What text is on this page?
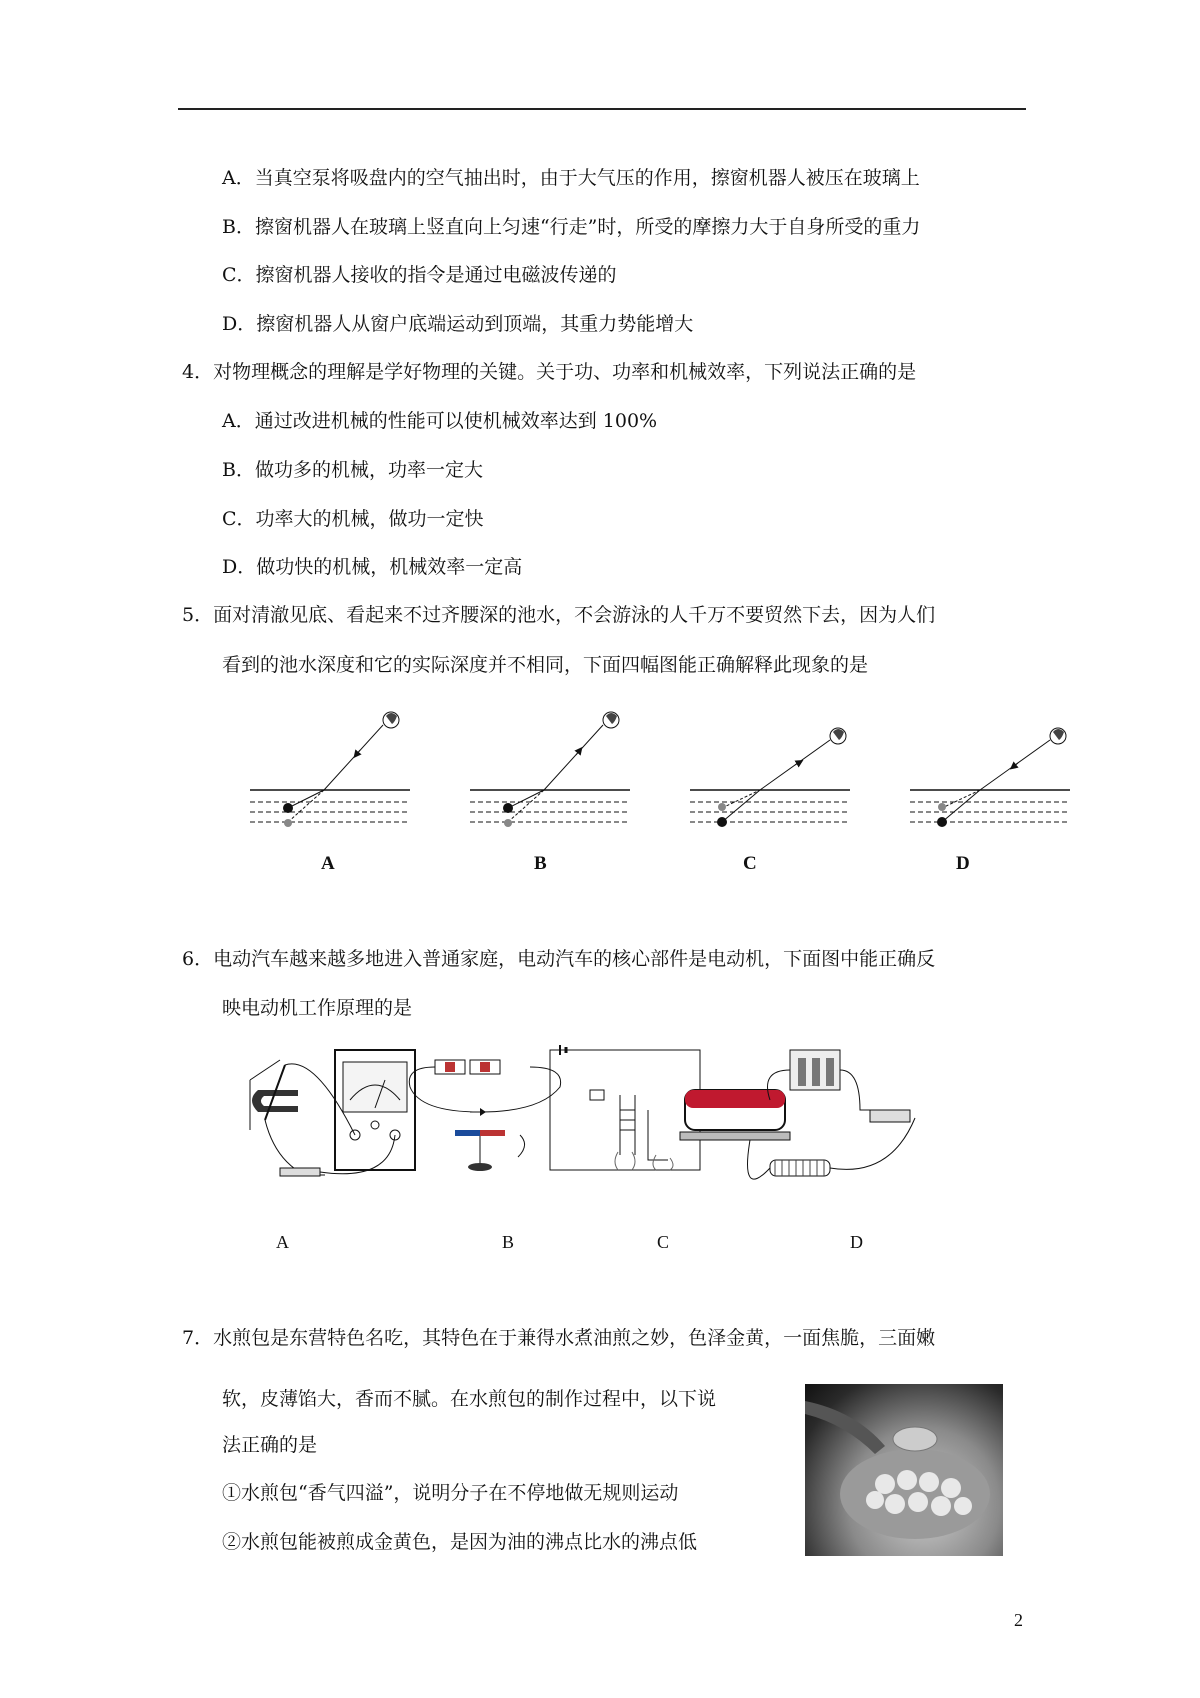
A．当真空泵将吸盘内的空气抽出时，由于大气压的作用，擦窗机器人被压在玻璃上
B．擦窗机器人在玻璃上竖直向上匀速“行走”时，所受的摩擦力大于自身所受的重力
C．擦窗机器人接收的指令是通过电磁波传递的
D．擦窗机器人从窗户底端运动到顶端，其重力势能增大
4．对物理概念的理解是学好物理的关键。关于功、功率和机械效率，下列说法正确的是
A．通过改进机械的性能可以使机械效率达到 100%
B．做功多的机械，功率一定大
C．功率大的机械，做功一定快
D．做功快的机械，机械效率一定高
5．面对清澈见底、看起来不过齐腰深的池水，不会游泳的人千万不要贸然下去，因为人们
看到的池水深度和它的实际深度并不相同，下面四幅图能正确解释此现象的是
A	B	C	D
6．电动汽车越来越多地进入普通家庭，电动汽车的核心部件是电动机，下面图中能正确反
映电动机工作原理的是
A	B	C	D
7．水煎包是东营特色名吃，其特色在于兼得水煮油煎之妙，色泽金黄，一面焦脆，三面嫩
软，皮薄馅大，香而不腻。在水煎包的制作过程中，以下说
法正确的是
①水煎包“香气四溢”，说明分子在不停地做无规则运动
②水煎包能被煎成金黄色，是因为油的沸点比水的沸点低
2
